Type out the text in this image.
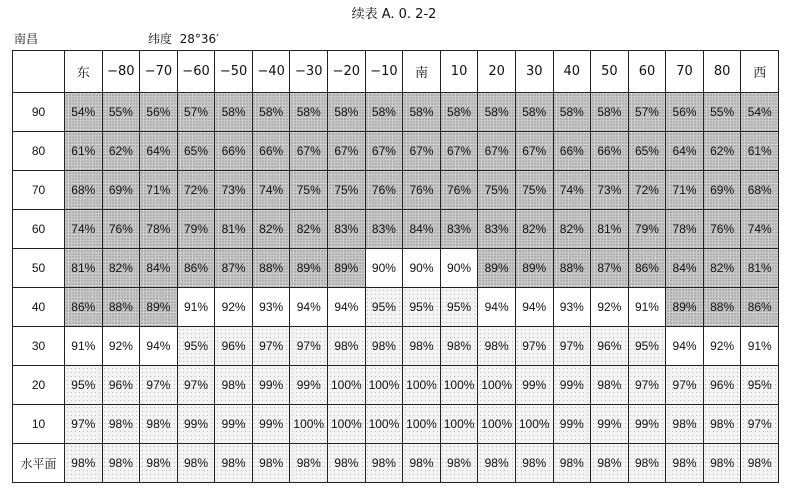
续表 A. 0. 2-2
南昌	纬度 28°36′
	东	−80	−70	−60	−50	−40	−30	−20	−10	南	10	20	30	40	50	60	70	80	西
90	54%	55%	56%	57%	58%	58%	58%	58%	58%	58%	58%	58%	58%	58%	58%	57%	56%	55%	54%
80	61%	62%	64%	65%	66%	66%	67%	67%	67%	67%	67%	67%	67%	66%	66%	65%	64%	62%	61%
70	68%	69%	71%	72%	73%	74%	75%	75%	76%	76%	76%	75%	75%	74%	73%	72%	71%	69%	68%
60	74%	76%	78%	79%	81%	82%	82%	83%	83%	84%	83%	83%	82%	82%	81%	79%	78%	76%	74%
50	81%	82%	84%	86%	87%	88%	89%	89%	90%	90%	90%	89%	89%	88%	87%	86%	84%	82%	81%
40	86%	88%	89%	91%	92%	93%	94%	94%	95%	95%	95%	94%	94%	93%	92%	91%	89%	88%	86%
30	91%	92%	94%	95%	96%	97%	97%	98%	98%	98%	98%	98%	97%	97%	96%	95%	94%	92%	91%
20	95%	96%	97%	97%	98%	99%	99%	100%	100%	100%	100%	100%	99%	99%	98%	97%	97%	96%	95%
10	97%	98%	98%	99%	99%	99%	100%	100%	100%	100%	100%	100%	100%	99%	99%	99%	98%	98%	97%
水平面	98%	98%	98%	98%	98%	98%	98%	98%	98%	98%	98%	98%	98%	98%	98%	98%	98%	98%	98%
